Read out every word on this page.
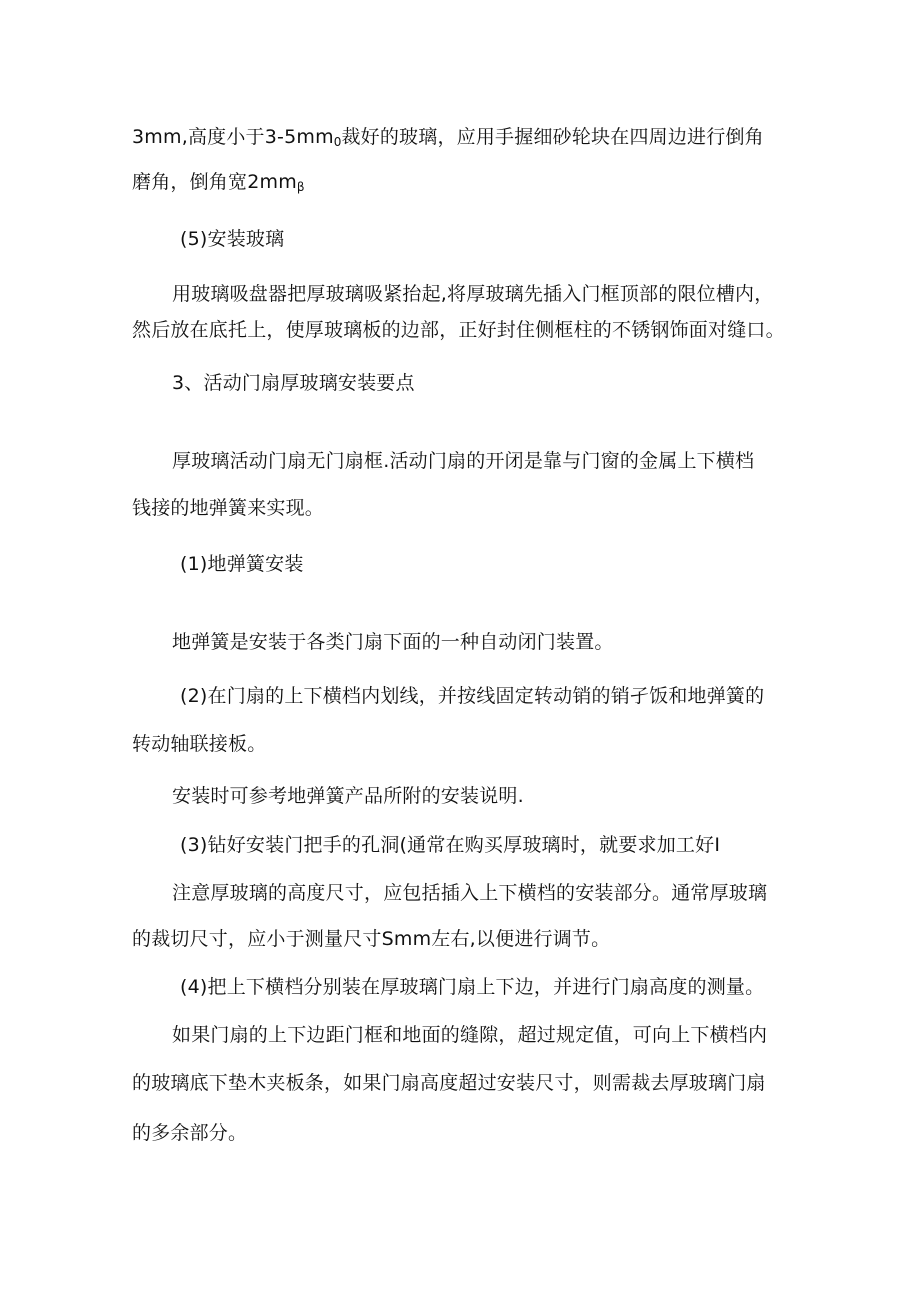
3mm,高度小于$3-5mm_0$裁好的玻璃，应用手握细砂轮块在四周边进行倒角
磨角，倒角宽$2mm_\beta$
(5)安装玻璃
用玻璃吸盘器把厚玻璃吸紧抬起,将厚玻璃先插入门框顶部的限位槽内，
然后放在底托上，使厚玻璃板的边部，正好封住侧框柱的不锈钢饰面对缝口。
3、活动门扇厚玻璃安装要点
厚玻璃活动门扇无门扇框.活动门扇的开闭是靠与门窗的金属上下横档
钱接的地弹簧来实现。
(1)地弹簧安装
地弹簧是安装于各类门扇下面的一种自动闭门装置。
(2)在门扇的上下横档内划线，并按线固定转动销的销孑饭和地弹簧的
转动轴联接板。
安装时可参考地弹簧产品所附的安装说明.
(3)钻好安装门把手的孔洞(通常在购买厚玻璃时，就要求加工好I
注意厚玻璃的高度尺寸，应包括插入上下横档的安装部分。通常厚玻璃
的裁切尺寸，应小于测量尺寸Smm左右,以便进行调节。
(4)把上下横档分别装在厚玻璃门扇上下边，并进行门扇高度的测量。
如果门扇的上下边距门框和地面的缝隙，超过规定值，可向上下横档内
的玻璃底下垫木夹板条，如果门扇高度超过安装尺寸，则需裁去厚玻璃门扇
的多余部分。
